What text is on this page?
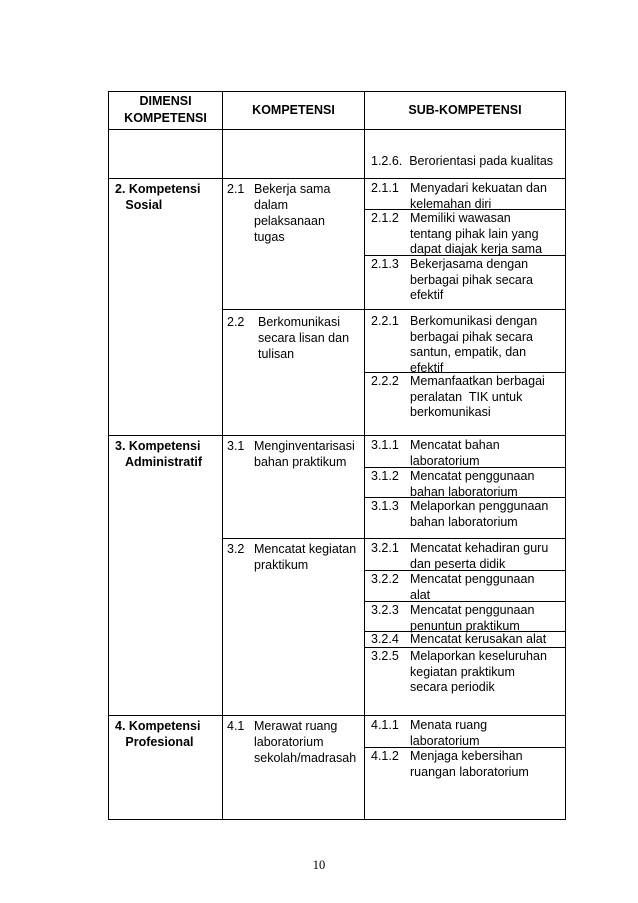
DIMENSI
KOMPETENSI
KOMPETENSI	SUB-KOMPETENSI
1.2.6.  Berorientasi pada kualitas
2. Kompetensi
Sosial

2.1

Bekerja sama
dalam
pelaksanaan
tugas

2.1.1

Menyadari kekuatan dan
kelemahan diri

2.1.2

Memiliki wawasan
tentang pihak lain yang
dapat diajak kerja sama

2.1.3

Bekerjasama dengan
berbagai pihak secara
efektif

2.2

Berkomunikasi
secara lisan dan
tulisan

2.2.1

Berkomunikasi dengan
berbagai pihak secara
santun, empatik, dan
efektif

2.2.2

Memanfaatkan berbagai
peralatan  TIK untuk
berkomunikasi

3. Kompetensi
Administratif

3.1

Menginventarisasi
bahan praktikum

3.1.1

Mencatat bahan
laboratorium

3.1.2

Mencatat penggunaan
bahan laboratorium

3.1.3

Melaporkan penggunaan
bahan laboratorium

3.2

Mencatat kegiatan
praktikum

3.2.1

Mencatat kehadiran guru
dan peserta didik

3.2.2

Mencatat penggunaan
alat

3.2.3

Mencatat penggunaan
penuntun praktikum

3.2.4

Mencatat kerusakan alat

3.2.5

Melaporkan keseluruhan
kegiatan praktikum
secara periodik

4. Kompetensi
Profesional

4.1

Merawat ruang
laboratorium
sekolah/madrasah

4.1.1

Menata ruang
laboratorium

4.1.2

Menjaga kebersihan
ruangan laboratorium

10
